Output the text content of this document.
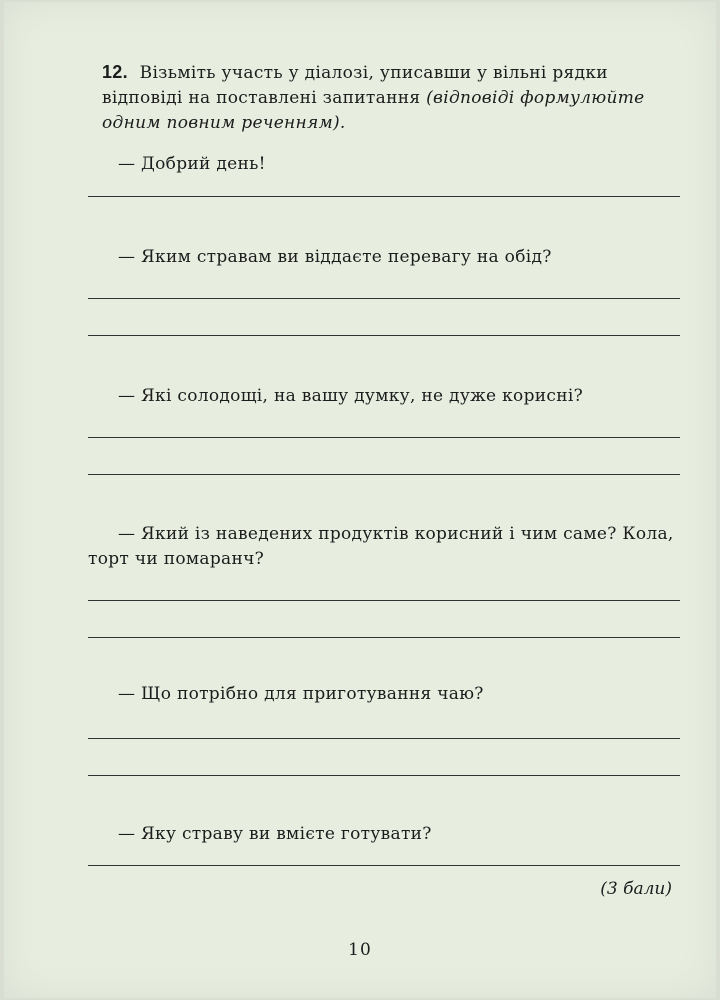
12. Візьміть участь у діалозі, уписавши у вільні рядки відповіді на поставлені запитання (відповіді формулюйте одним повним реченням).
— Добрий день!
— Яким стравам ви віддаєте перевагу на обід?
— Які солодощі, на вашу думку, не дуже корисні?
— Який із наведених продуктів корисний і чим саме? Кола, торт чи помаранч?
— Що потрібно для приготування чаю?
— Яку страву ви вмієте готувати?
(3 бали)
10
